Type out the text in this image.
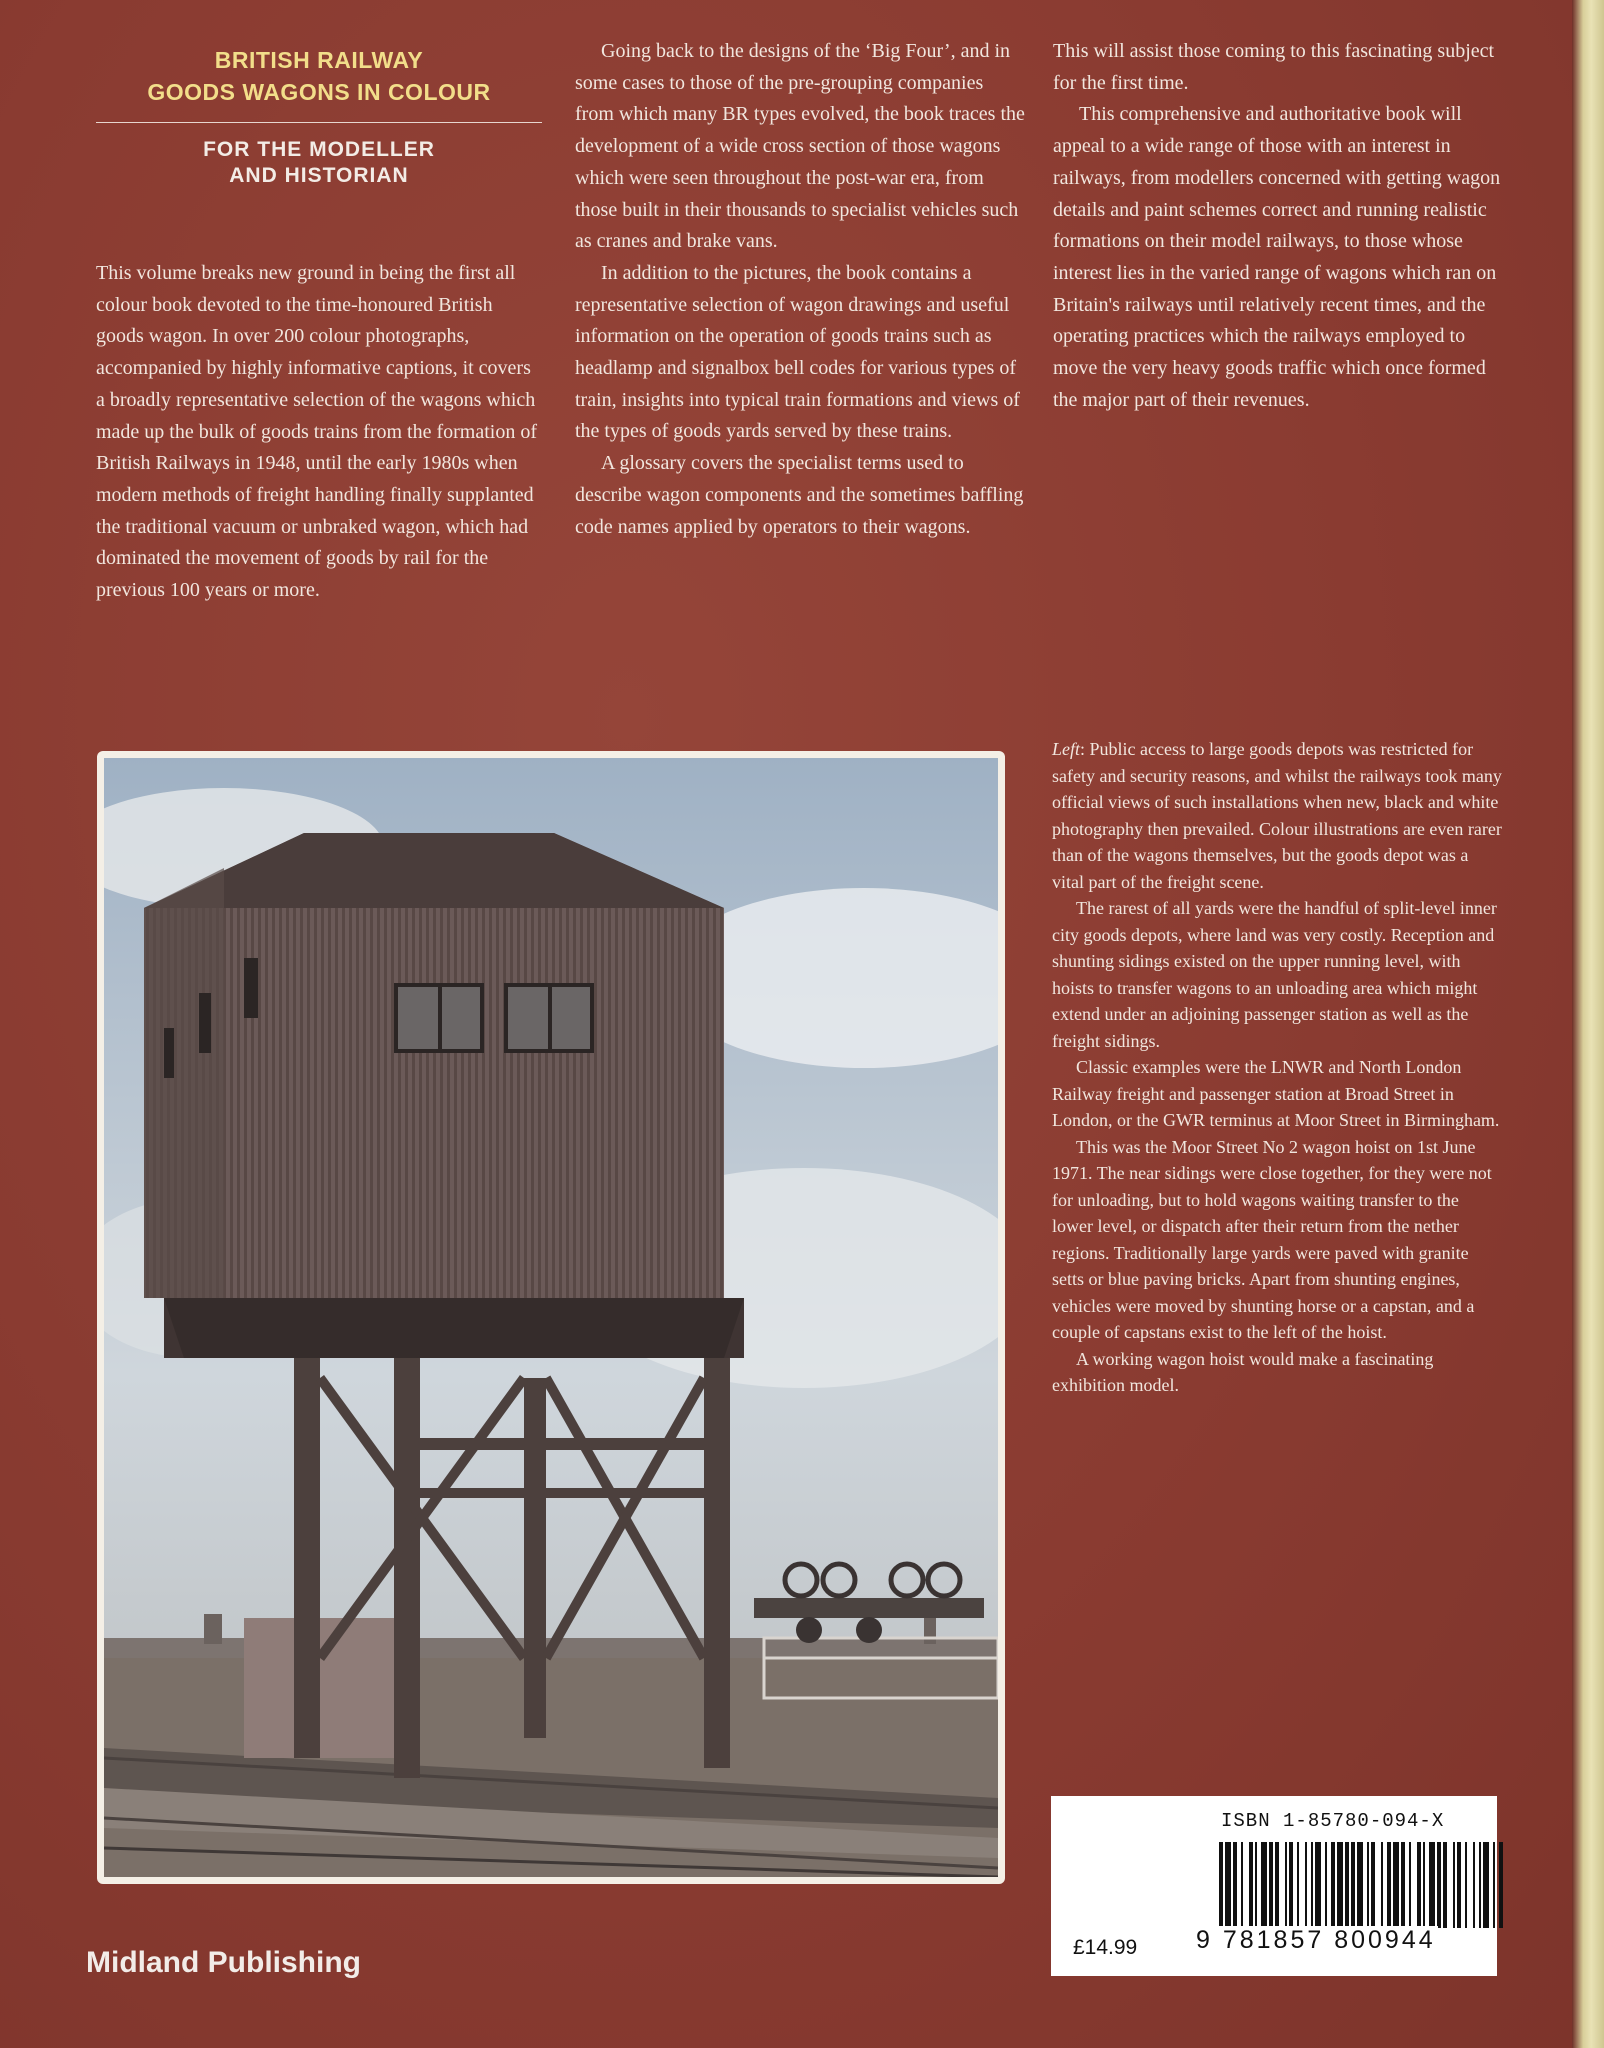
BRITISH RAILWAY
GOODS WAGONS IN COLOUR
FOR THE MODELLER
AND HISTORIAN

This volume breaks new ground in being the first all colour book devoted to the time-honoured British goods wagon. In over 200 colour photographs, accompanied by highly informative captions, it covers a broadly representative selection of the wagons which made up the bulk of goods trains from the formation of British Railways in 1948, until the early 1980s when modern methods of freight handling finally supplanted the traditional vacuum or unbraked wagon, which had dominated the movement of goods by rail for the previous 100 years or more.

Going back to the designs of the ‘Big Four’, and in some cases to those of the pre-grouping companies from which many BR types evolved, the book traces the development of a wide cross section of those wagons which were seen throughout the post-war era, from those built in their thousands to specialist vehicles such as cranes and brake vans.

In addition to the pictures, the book contains a representative selection of wagon drawings and useful information on the operation of goods trains such as headlamp and signalbox bell codes for various types of train, insights into typical train formations and views of the types of goods yards served by these trains.

A glossary covers the specialist terms used to describe wagon components and the sometimes baffling code names applied by operators to their wagons.

This will assist those coming to this fascinating subject for the first time.

This comprehensive and authoritative book will appeal to a wide range of those with an interest in railways, from modellers concerned with getting wagon details and paint schemes correct and running realistic formations on their model railways, to those whose interest lies in the varied range of wagons which ran on Britain's railways until relatively recent times, and the operating practices which the railways employed to move the very heavy goods traffic which once formed the major part of their revenues.

Left: Public access to large goods depots was restricted for safety and security reasons, and whilst the railways took many official views of such installations when new, black and white photography then prevailed. Colour illustrations are even rarer than of the wagons themselves, but the goods depot was a vital part of the freight scene.

The rarest of all yards were the handful of split-level inner city goods depots, where land was very costly. Reception and shunting sidings existed on the upper running level, with hoists to transfer wagons to an unloading area which might extend under an adjoining passenger station as well as the freight sidings.

Classic examples were the LNWR and North London Railway freight and passenger station at Broad Street in London, or the GWR terminus at Moor Street in Birmingham.

This was the Moor Street No 2 wagon hoist on 1st June 1971. The near sidings were close together, for they were not for unloading, but to hold wagons waiting transfer to the lower level, or dispatch after their return from the nether regions. Traditionally large yards were paved with granite setts or blue paving bricks. Apart from shunting engines, vehicles were moved by shunting horse or a capstan, and a couple of capstans exist to the left of the hoist.

A working wagon hoist would make a fascinating exhibition model.

Midland Publishing
ISBN 1-85780-094-X
9 781857 800944
£14.99
